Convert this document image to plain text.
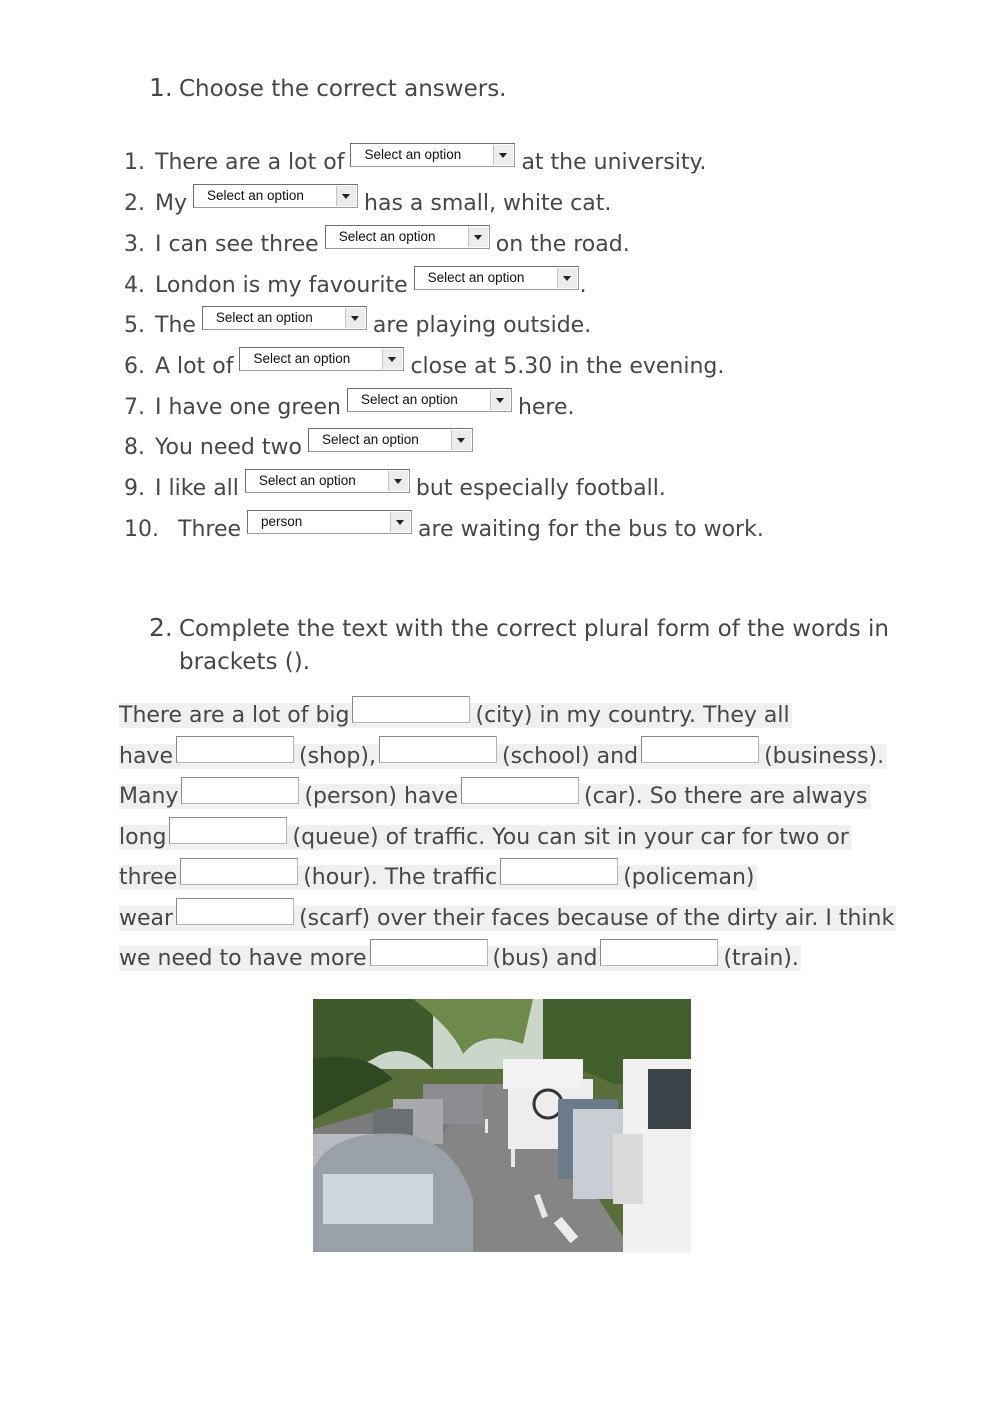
1. Choose the correct answers.
1. There are a lot of Select an option	at the university.
2. My Select an option	has a small, white cat.
3. I can see three Select an option	on the road.
4. London is my favourite Select an option	.
5. The Select an option	are playing outside.
6. A lot of Select an option	close at 5.30 in the evening.
7. I have one green Select an option	here.
8. You need two Select an option
9. I like all Select an option	but especially football.
10. Three person	are waiting for the bus to work.
2. Complete the text with the correct plural form of the words in
brackets ().
There are a lot of big	(city) in my country. They all
have	(shop),	(school) and	(business).
Many	(person) have	(car). So there are always
long	(queue) of traffic. You can sit in your car for two or
three	(hour). The traffic	(policeman)
wear	(scarf) over their faces because of the dirty air. I think
we need to have more	(bus) and	(train).
